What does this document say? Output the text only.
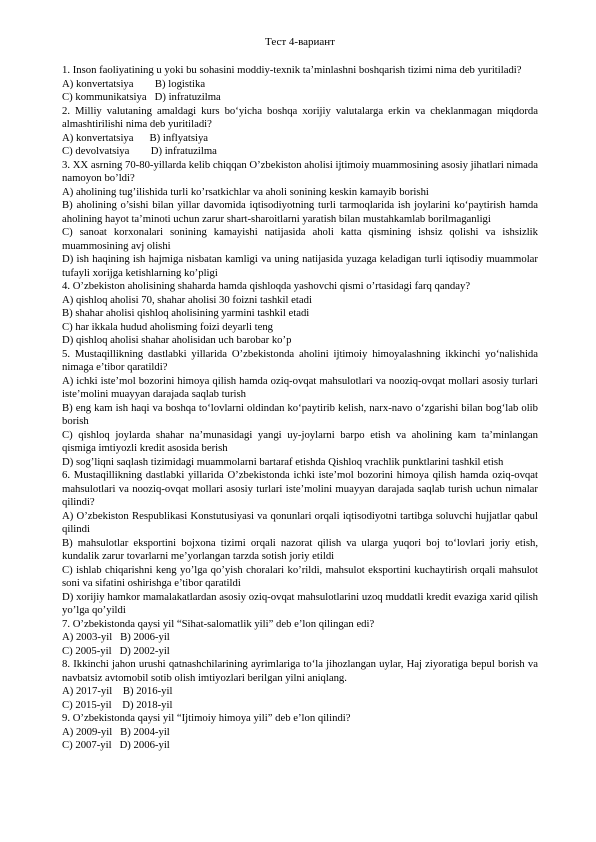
Тест 4-вариант
1. Inson faoliyatining u yoki bu sohasini moddiy-texnik ta’minlashni boshqarish tizimi nima deb yuritiladi?
A) konvertatsiya        B) logistika
C) kommunikatsiya   D) infratuzilma
2. Milliy valutaning amaldagi kurs bo‘yicha boshqa xorijiy valutalarga erkin va cheklanmagan miqdorda almashtirilishi nima deb yuritiladi?
A) konvertatsiya      B) inflyatsiya
C) devolvatsiya        D) infratuzilma
3. XX asrning 70-80-yillarda kelib chiqqan O’zbekiston aholisi ijtimoiy muammosining asosiy jihatlari nimada namoyon bo’ldi?
A) aholining tug’ilishida turli ko’rsatkichlar va aholi sonining keskin kamayib borishi
B) aholining o’sishi bilan yillar davomida iqtisodiyotning turli tarmoqlarida ish joylarini ko‘paytirish hamda aholining hayot ta’minoti uchun zarur shart-sharoitlarni yaratish bilan mustahkamlab borilmaganligi
C) sanoat korxonalari sonining kamayishi natijasida aholi katta qismining ishsiz qolishi va ishsizlik muammosining avj olishi
D) ish haqining ish hajmiga nisbatan kamligi va uning natijasida yuzaga keladigan turli iqtisodiy muammolar tufayli xorijga ketishlarning ko’pligi
4. O’zbekiston aholisining shaharda hamda qishloqda yashovchi qismi o’rtasidagi farq qanday?
A) qishloq aholisi 70, shahar aholisi 30 foizni tashkil etadi
B) shahar aholisi qishloq aholisining yarmini tashkil etadi
C) har ikkala hudud aholisming foizi deyarli teng
D) qishloq aholisi shahar aholisidan uch barobar ko’p
5. Mustaqillikning dastlabki yillarida O’zbekistonda aholini ijtimoiy himoyalashning ikkinchi yo‘nalishida nimaga e’tibor qaratildi?
A) ichki iste’mol bozorini himoya qilish hamda oziq-ovqat mahsulotlari va nooziq-ovqat mollari asosiy turlari iste’molini muayyan darajada saqlab turish
B) eng kam ish haqi va boshqa to‘lovlarni oldindan ko‘paytirib kelish, narx-navo o‘zgarishi bilan bog‘lab olib borish
C) qishloq joylarda shahar na’munasidagi yangi uy-joylarni barpo etish va aholining kam ta’minlangan qismiga imtiyozli kredit asosida berish
D) sog’liqni saqlash tizimidagi muammolarni bartaraf etishda Qishloq vrachlik punktlarini tashkil etish
6. Mustaqillikning dastlabki yillarida O’zbekistonda ichki iste’mol bozorini himoya qilish hamda oziq-ovqat mahsulotlari va nooziq-ovqat mollari asosiy turlari iste’molini muayyan darajada saqlab turish uchun nimalar qilindi?
A) O’zbekiston Respublikasi Konstutusiyasi va qonunlari orqali iqtisodiyotni tartibga soluvchi hujjatlar qabul qilindi
B) mahsulotlar eksportini bojxona tizimi orqali nazorat qilish va ularga yuqori boj to‘lovlari joriy etish, kundalik zarur tovarlarni me’yorlangan tarzda sotish joriy etildi
C) ishlab chiqarishni keng yo’lga qo’yish choralari ko’rildi, mahsulot eksportini kuchaytirish orqali mahsulot soni va sifatini oshirishga e’tibor qaratildi
D) xorijiy hamkor mamalakatlardan asosiy oziq-ovqat mahsulotlarini uzoq muddatli kredit evaziga xarid qilish yo’lga qo’yildi
7. O’zbekistonda qaysi yil “Sihat-salomatlik yili” deb e’lon qilingan edi?
A) 2003-yil   B) 2006-yil
C) 2005-yil   D) 2002-yil
8. Ikkinchi jahon urushi qatnashchilarining ayrimlariga to‘la jihozlangan uylar, Haj ziyoratiga bepul borish va navbatsiz avtomobil sotib olish imtiyozlari berilgan yilni aniqlang.
A) 2017-yil    B) 2016-yil
C) 2015-yil    D) 2018-yil
9. O’zbekistonda qaysi yil “Ijtimoiy himoya yili” deb e’lon qilindi?
A) 2009-yil   B) 2004-yil
C) 2007-yil   D) 2006-yil
